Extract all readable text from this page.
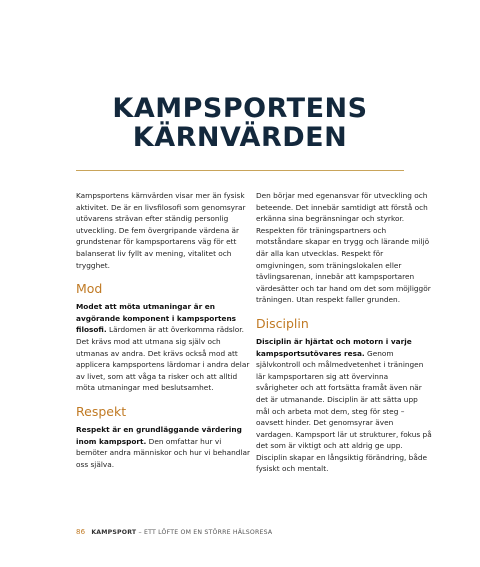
KAMPSPORTENS
KÄRNVÄRDEN

Kampsportens kärnvärden visar mer än fysisk aktivitet. De är en livsfilosofi som genomsyrar utövarens strävan efter ständig personlig utveckling. De fem övergripande värdena är grundstenar för kampsportarens väg för ett balanserat liv fyllt av mening, vitalitet och trygghet.

Mod

Modet att möta utmaningar är en avgörande komponent i kampsportens filosofi. Lärdomen är att överkomma rädslor. Det krävs mod att utmana sig själv och utmanas av andra. Det krävs också mod att applicera kampsportens lärdomar i andra delar av livet, som att våga ta risker och att alltid möta utmaningar med beslutsamhet.

Respekt

Respekt är en grundläggande värdering inom kampsport. Den omfattar hur vi bemöter andra människor och hur vi behandlar oss själva.

Den börjar med egenansvar för utveckling och beteende. Det innebär samtidigt att förstå och erkänna sina begränsningar och styrkor. Respekten för träningspartners och motståndare skapar en trygg och lärande miljö där alla kan utvecklas. Respekt för omgivningen, som träningslokalen eller tävlingsarenan, innebär att kampsportaren värdesätter och tar hand om det som möjliggör träningen. Utan respekt faller grunden.

Disciplin

Disciplin är hjärtat och motorn i varje kampsportsutövares resa. Genom självkontroll och målmedvetenhet i träningen lär kampsportaren sig att övervinna svårigheter och att fortsätta framåt även när det är utmanande. Disciplin är att sätta upp mål och arbeta mot dem, steg för steg – oavsett hinder. Det genomsyrar även vardagen. Kampsport lär ut strukturer, fokus på det som är viktigt och att aldrig ge upp. Disciplin skapar en långsiktig förändring, både fysiskt och mentalt.

86 KAMPSPORT – ETT LÖFTE OM EN STÖRRE HÄLSORESA
